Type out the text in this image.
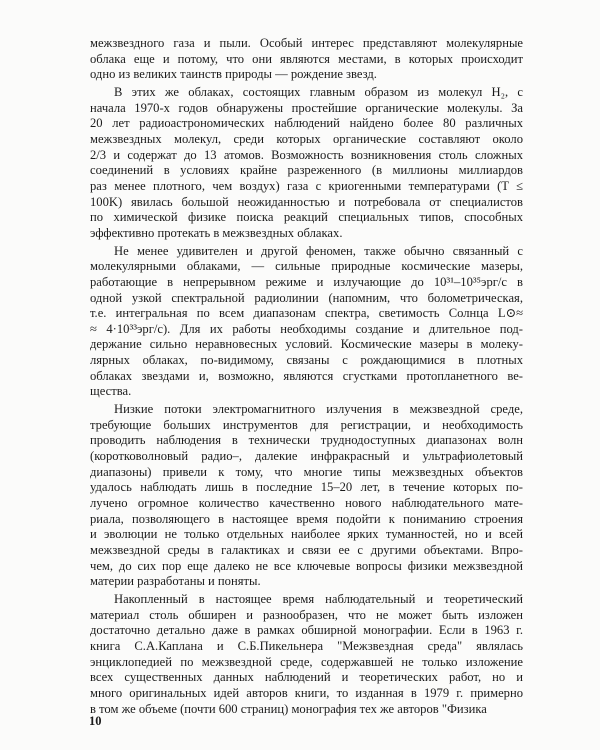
межзвездного газа и пыли. Особый интерес представляют молекулярные
облака еще и потому, что они являются местами, в которых происходит
одно из великих таинств природы — рождение звезд.
В этих же облаках, состоящих главным образом из молекул H₂, с
начала 1970-х годов обнаружены простейшие органические молекулы. За
20 лет радиоастрономических наблюдений найдено более 80 различных
межзвездных молекул, среди которых органические составляют около
2/3 и содержат до 13 атомов. Возможность возникновения столь сложных
соединений в условиях крайне разреженного (в миллионы миллиардов
раз менее плотного, чем воздух) газа с криогенными температурами (T ≤
100K) явилась большой неожиданностью и потребовала от специалистов
по химической физике поиска реакций специальных типов, способных
эффективно протекать в межзвездных облаках.
Не менее удивителен и другой феномен, также обычно связанный с
молекулярными облаками, — сильные природные космические мазеры,
работающие в непрерывном режиме и излучающие до 10³¹–10³⁵эрг/с в
одной узкой спектральной радиолинии (напомним, что болометрическая,
т.е. интегральная по всем диапазонам спектра, светимость Солнца L⊙≈
≈ 4·10³³эрг/с). Для их работы необходимы создание и длительное под-
держание сильно неравновесных условий. Космические мазеры в молеку-
лярных облаках, по-видимому, связаны с рождающимися в плотных
облаках звездами и, возможно, являются сгустками протопланетного ве-
щества.
Низкие потоки электромагнитного излучения в межзвездной среде,
требующие больших инструментов для регистрации, и необходимость
проводить наблюдения в технически труднодоступных диапазонах волн
(коротковолновый радио–, далекие инфракрасный и ультрафиолетовый
диапазоны) привели к тому, что многие типы межзвездных объектов
удалось наблюдать лишь в последние 15–20 лет, в течение которых по-
лучено огромное количество качественно нового наблюдательного мате-
риала, позволяющего в настоящее время подойти к пониманию строения
и эволюции не только отдельных наиболее ярких туманностей, но и всей
межзвездной среды в галактиках и связи ее с другими объектами. Впро-
чем, до сих пор еще далеко не все ключевые вопросы физики межзвездной
материи разработаны и поняты.
Накопленный в настоящее время наблюдательный и теоретический
материал столь обширен и разнообразен, что не может быть изложен
достаточно детально даже в рамках обширной монографии. Если в 1963 г.
книга С.А.Каплана и С.Б.Пикельнера "Межзвездная среда" являлась
энциклопедией по межзвездной среде, содержавшей не только изложение
всех существенных данных наблюдений и теоретических работ, но и
много оригинальных идей авторов книги, то изданная в 1979 г. примерно
в том же объеме (почти 600 страниц) монография тех же авторов "Физика
10
